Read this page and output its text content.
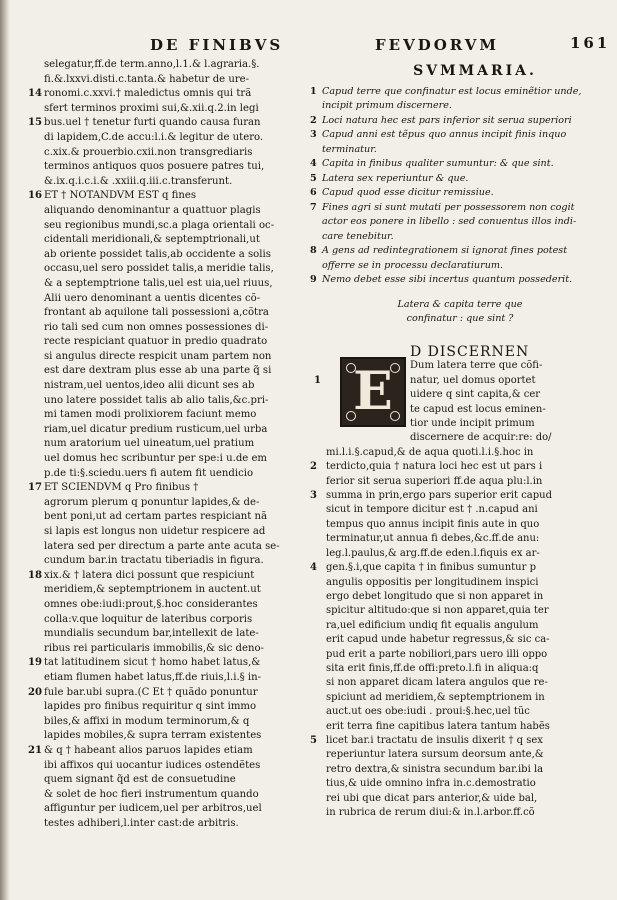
DE FINIBVS	FEVDORVM	161
selegatur,ff.de term.anno,l.1.& l.agraria.§.
fi.&.lxxvi.disti.c.tanta.& habetur de ure-
14 ronomi.c.xxvi.† maledictus omnis qui trã
sfert terminos proximi sui,&.xii.q.2.in legi
15 bus.uel † tenetur furti quando causa furan
di lapidem,C.de accu:l.i.& legitur de utero.
c.xix.& prouerbio.cxii.non transgrediaris
terminos antiquos quos posuere patres tui,
&.ix.q.i.c.i.& .xxiii.q.iii.c.transferunt.
16 ET † NOTANDVM EST q fines
aliquando denominantur a quattuor plagis
seu regionibus mundi,sc.a plaga orientali oc-
cidentali meridionali,& septemptrionali,ut
ab oriente possidet talis,ab occidente a solis
occasu,uel sero possidet talis,a meridie talis,
& a septemptrione talis,uel est uia,uel riuus,
Alii uero denominant a uentis dicentes cõ-
frontant ab aquilone tali possessioni a,cõtra
rio tali sed cum non omnes possessiones di-
recte respiciant quatuor in predio quadrato
si angulus directe respicit unam partem non
est dare dextram plus esse ab una parte q̃ si
nistram,uel uentos,ideo alii dicunt ses ab
uno latere possidet talis ab alio talis,&c.pri-
mi tamen modi prolixiorem faciunt memo
riam,uel dicatur predium rusticum,uel urba
num aratorium uel uineatum,uel pratium
uel domus hec scribuntur per spe:i u.de em
p.de ti:§.sciedu.uers fi autem fit uendicio
17 ET SCIENDVM q Pro finibus †
agrorum plerum q ponuntur lapides,& de-
bent poni,ut ad certam partes respiciant nã
si lapis est longus non uidetur respicere ad
latera sed per directum a parte ante acuta se-
cundum bar.in tractatu tiberiadis in figura.
18 xix.& † latera dici possunt que respiciunt
meridiem,& septemptrionem in auctent.ut
omnes obe:iudi:prout,§.hoc considerantes
colla:v.que loquitur de lateribus corporis
mundialis secundum bar,intellexit de late-
ribus rei particularis immobilis,& sic deno-
19 tat latitudinem sicut † homo habet latus,&
etiam flumen habet latus,ff.de riuis,l.i.§ in-
20 fule bar.ubi supra.(C Et † quãdo ponuntur
lapides pro finibus requiritur q sint immo
biles,& affixi in modum terminorum,& q
lapides mobiles,& supra terram existentes
21 & q † habeant alios paruos lapides etiam
ibi affixos qui uocantur iudices ostendẽtes
quem signant q̃d est de consuetudine
& solet de hoc fieri instrumentum quando
affiguntur per iudicem,uel per arbitros,uel
testes adhiberi,l.inter cast:de arbitris.
SVMMARIA.
1 Capud terre que confinatur est locus eminẽtior unde,
incipit primum discernere.
2 Loci natura hec est pars inferior sit serua superiori
3 Capud anni est tẽpus quo annus incipit finis inquo
terminatur.
4 Capita in finibus qualiter sumuntur: & que sint.
5 Latera sex reperiuntur & que.
6 Capud quod esse dicitur remissiue.
7 Fines agri si sunt mutati per possessorem non cogit
actor eos ponere in libello : sed conuentus illos indi-
care tenebitur.
8 A gens ad redintegrationem si ignorat fines potest
offerre se in processu declaratiurum.
9 Nemo debet esse sibi incertus quantum possederit.
Latera & capita terre que
confinatur : que sint ?
E
D DISCERNEN
Dum latera terre que cõfi-
1	natur, uel domus oportet
uidere q sint capita,& cer
te capud est locus eminen-
tior unde incipit primum
discernere de acquir:re: do/
mi.l.i.§.capud,& de aqua quoti.l.i.§.hoc in
2 terdicto,quia † natura loci hec est ut pars i
ferior sit serua superiori ff.de aqua plu:l.in
3 summa in prin,ergo pars superior erit capud
sicut in tempore dicitur est † .n.capud ani
tempus quo annus incipit finis aute in quo
terminatur,ut annua fi debes,&c.ff.de anu:
leg.l.paulus,& arg.ff.de eden.l.fiquis ex ar-
4 gen.§.i,que capita † in finibus sumuntur p
angulis oppositis per longitudinem inspici
ergo debet longitudo que si non apparet in
spicitur altitudo:que si non apparet,quia ter
ra,uel edificium undiq fit equalis angulum
erit capud unde habetur regressus,& sic ca-
pud erit a parte nobiliori,pars uero illi oppo
sita erit finis,ff.de offi:preto.l.fi in aliqua:q
si non apparet dicam latera angulos que re-
spiciunt ad meridiem,& septemptrionem in
auct.ut oes obe:iudi . proui:§.hec,uel tũc
erit terra fine capitibus latera tantum habẽs
5 licet bar.i tractatu de insulis dixerit † q sex
reperiuntur latera sursum deorsum ante,&
retro dextra,& sinistra secundum bar.ibi la
tius,& uide omnino infra in.c.demostratio
rei ubi que dicat pars anterior,& uide bal,
in rubrica de rerum diui:& in.l.arbor.ff.cõ
